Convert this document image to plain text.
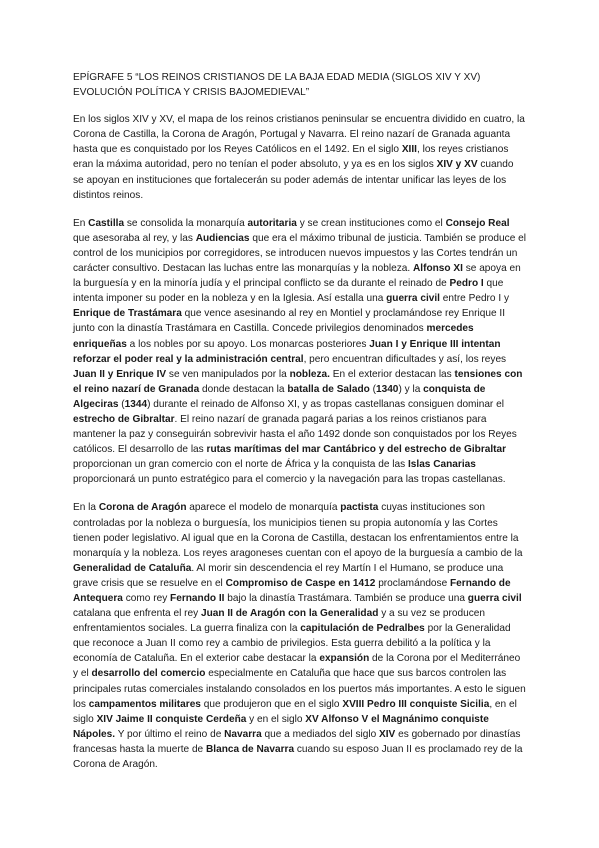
EPÍGRAFE 5 “LOS REINOS CRISTIANOS DE LA BAJA EDAD MEDIA (SIGLOS XIV Y XV) EVOLUCIÓN POLÍTICA Y CRISIS BAJOMEDIEVAL”

En los siglos XIV y XV, el mapa de los reinos cristianos peninsular se encuentra dividido en cuatro, la Corona de Castilla, la Corona de Aragón, Portugal y Navarra. El reino nazarí de Granada aguanta hasta que es conquistado por los Reyes Católicos en el 1492. En el siglo XIII, los reyes cristianos eran la máxima autoridad, pero no tenían el poder absoluto, y ya es en los siglos XIV y XV cuando se apoyan en instituciones que fortalecerán su poder además de intentar unificar las leyes de los distintos reinos.

En Castilla se consolida la monarquía autoritaria y se crean instituciones como el Consejo Real que asesoraba al rey, y las Audiencias que era el máximo tribunal de justicia. También se produce el control de los municipios por corregidores, se introducen nuevos impuestos y las Cortes tendrán un carácter consultivo. Destacan las luchas entre las monarquías y la nobleza. Alfonso XI se apoya en la burguesía y en la minoría judía y el principal conflicto se da durante el reinado de Pedro I que intenta imponer su poder en la nobleza y en la Iglesia. Así estalla una guerra civil entre Pedro I y Enrique de Trastámara que vence asesinando al rey en Montiel y proclamándose rey Enrique II junto con la dinastía Trastámara en Castilla. Concede privilegios denominados mercedes enriqueñas a los nobles por su apoyo. Los monarcas posteriores Juan I y Enrique III intentan reforzar el poder real y la administración central, pero encuentran dificultades y así, los reyes Juan II y Enrique IV se ven manipulados por la nobleza. En el exterior destacan las tensiones con el reino nazarí de Granada donde destacan la batalla de Salado (1340) y la conquista de Algeciras (1344) durante el reinado de Alfonso XI, y as tropas castellanas consiguen dominar el estrecho de Gibraltar. El reino nazarí de granada pagará parias a los reinos cristianos para mantener la paz y conseguirán sobrevivir hasta el año 1492 donde son conquistados por los Reyes católicos. El desarrollo de las rutas marítimas del mar Cantábrico y del estrecho de Gibraltar proporcionan un gran comercio con el norte de África y la conquista de las Islas Canarias proporcionará un punto estratégico para el comercio y la navegación para las tropas castellanas.

En la Corona de Aragón aparece el modelo de monarquía pactista cuyas instituciones son controladas por la nobleza o burguesía, los municipios tienen su propia autonomía y las Cortes tienen poder legislativo. Al igual que en la Corona de Castilla, destacan los enfrentamientos entre la monarquía y la nobleza. Los reyes aragoneses cuentan con el apoyo de la burguesía a cambio de la Generalidad de Cataluña. Al morir sin descendencia el rey Martín I el Humano, se produce una grave crisis que se resuelve en el Compromiso de Caspe en 1412 proclamándose Fernando de Antequera como rey Fernando II bajo la dinastía Trastámara. También se produce una guerra civil catalana que enfrenta el rey Juan II de Aragón con la Generalidad y a su vez se producen enfrentamientos sociales. La guerra finaliza con la capitulación de Pedralbes por la Generalidad que reconoce a Juan II como rey a cambio de privilegios. Esta guerra debilitó a la política y la economía de Cataluña. En el exterior cabe destacar la expansión de la Corona por el Mediterráneo y el desarrollo del comercio especialmente en Cataluña que hace que sus barcos controlen las principales rutas comerciales instalando consolados en los puertos más importantes. A esto le siguen los campamentos militares que produjeron que en el siglo XVIII Pedro III conquiste Sicilia, en el siglo XIV Jaime II conquiste Cerdeña y en el siglo XV Alfonso V el Magnánimo conquiste Nápoles. Y por último el reino de Navarra que a mediados del siglo XIV es gobernado por dinastías francesas hasta la muerte de Blanca de Navarra cuando su esposo Juan II es proclamado rey de la Corona de Aragón.
